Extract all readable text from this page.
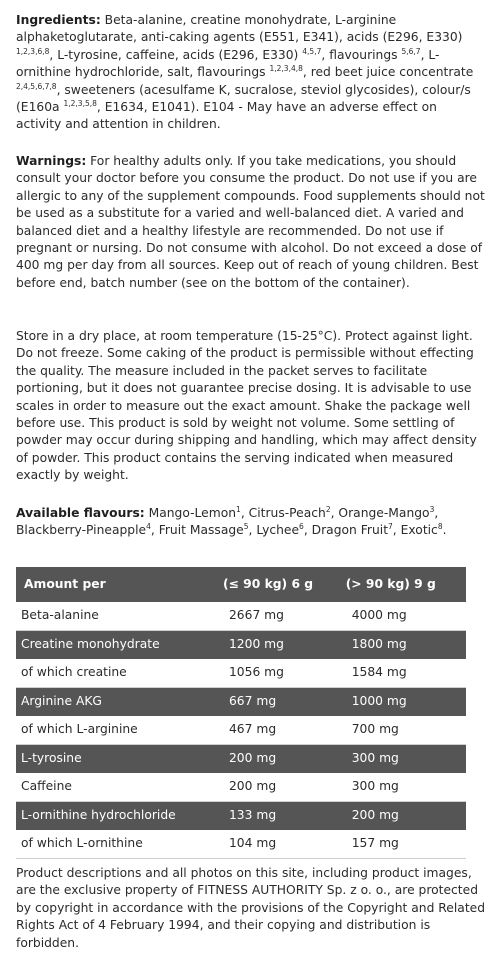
Ingredients: Beta-alanine, creatine monohydrate, L-arginine alphaketoglutarate, anti-caking agents (E551, E341), acids (E296, E330) $^{1,2,3,6,8}$, L-tyrosine, caffeine, acids (E296, E330) $^{4,5,7}$, flavourings $^{5,6,7}$, L-ornithine hydrochloride, salt, flavourings $^{1,2,3,4,8}$, red beet juice concentrate $^{2,4,5,6,7,8}$, sweeteners (acesulfame K, sucralose, steviol glycosides), colour/s (E160a $^{1,2,3,5,8}$, E1634, E1041). E104 - May have an adverse effect on activity and attention in children.

Warnings: For healthy adults only. If you take medications, you should consult your doctor before you consume the product. Do not use if you are allergic to any of the supplement compounds. Food supplements should not be used as a substitute for a varied and well-balanced diet. A varied and balanced diet and a healthy lifestyle are recommended. Do not use if pregnant or nursing. Do not consume with alcohol. Do not exceed a dose of 400 mg per day from all sources. Keep out of reach of young children. Best before end, batch number (see on the bottom of the container).

Store in a dry place, at room temperature (15-25°C). Protect against light. Do not freeze. Some caking of the product is permissible without effecting the quality. The measure included in the packet serves to facilitate portioning, but it does not guarantee precise dosing. It is advisable to use scales in order to measure out the exact amount. Shake the package well before use. This product is sold by weight not volume. Some settling of powder may occur during shipping and handling, which may affect density of powder. This product contains the serving indicated when measured exactly by weight.

Available flavours: Mango-Lemon$^1$, Citrus-Peach$^2$, Orange-Mango$^3$, Blackberry-Pineapple$^4$, Fruit Massage$^5$, Lychee$^6$, Dragon Fruit$^7$, Exotic$^8$.

Amount per	(≤ 90 kg) 6 g	(> 90 kg) 9 g
Beta-alanine	2667 mg	4000 mg
Creatine monohydrate	1200 mg	1800 mg
of which creatine	1056 mg	1584 mg
Arginine AKG	667 mg	1000 mg
of which L-arginine	467 mg	700 mg
L-tyrosine	200 mg	300 mg
Caffeine	200 mg	300 mg
L-ornithine hydrochloride	133 mg	200 mg
of which L-ornithine	104 mg	157 mg

Product descriptions and all photos on this site, including product images, are the exclusive property of FITNESS AUTHORITY Sp. z o. o., are protected by copyright in accordance with the provisions of the Copyright and Related Rights Act of 4 February 1994, and their copying and distribution is forbidden.
